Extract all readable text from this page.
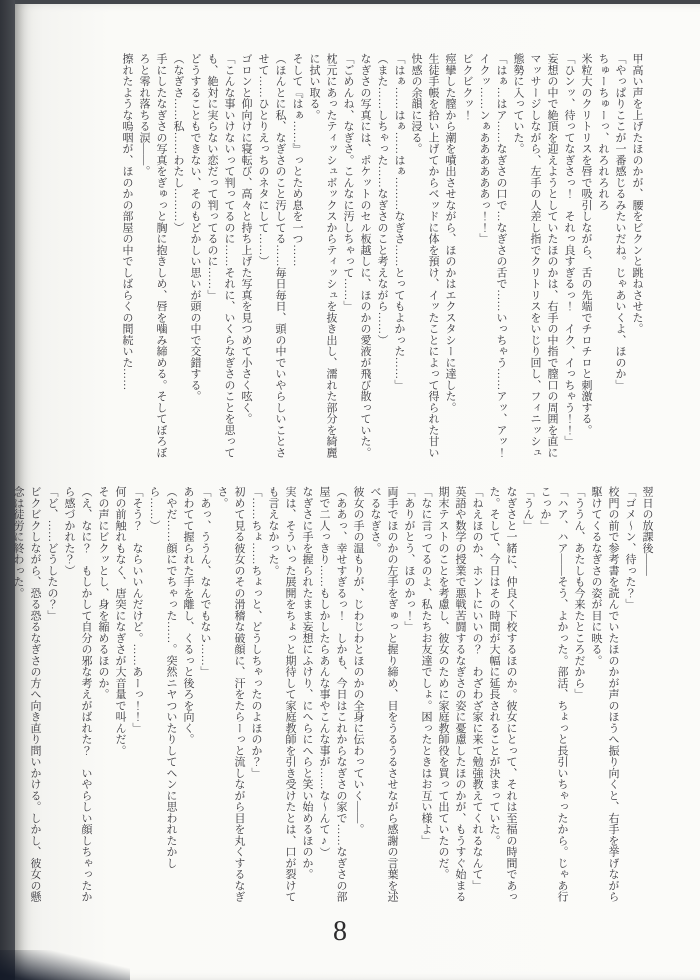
甲高い声を上げたほのかが、腰をビクンと跳ねさせた。

「やっぱりここが一番感じるみたいだね。じゃあいくよ、ほのか」

ちゅーちゅーっ、れろれろれろ

米粒大のクリトリスを唇で吸引しながら、舌の先端でチロチロと刺激する。

「ひンッ、待ってなぎさっ！　それっ良すぎるっ！　イク、イっちゃう！！」

妄想の中で絶頂を迎えようとしていたほのかは、右手の中指で膣口の周囲を直にマッサージしながら、左手の人差し指でクリトリスをいじり回し、フィニッシュ態勢に入っていた。

「はぁ…はア……なぎさの口で…なぎさの舌で……いっちゃう……アッ、アッ！　イクッ……ンぁああああああっ！！」

ビクビクッ！

痙攣した膣から潮を噴出させながら、ほのかはエクスタシーに達した。

生徒手帳を拾い上げてからベッドに体を預け、イッたことによって得られた甘い快感の余韻に浸る。

「はぁ……はぁ……はぁ………なぎさ……とってもよかった……」

（また……しちゃった……なぎさのこと考えながら……）

なぎさの写真には、ポケットのセル板越しに、ほのかの愛液が飛び散っていた。

「ごめんね、なぎさ。こんなに汚しちゃって……」

枕元にあったティッシュボックスからティッシュを抜き出し、濡れた部分を綺麗に拭い取る。

そして『はぁ……』っとため息を一つ……

（ほんとに私、なぎさのこと汚してる……毎日毎日、頭の中でいやらしいことさせて……ひとりえっちのネタにして……）

ゴロンと仰向けに寝転び、高々と持ち上げた写真を見つめて小さく呟く。

「こんな事いけないって判ってるのに……それに、いくらなぎさのことを思っても、絶対に実らない恋だって判ってるのに……」

どうすることもできない、そのもどかしい思いが頭の中で交錯する。

（なぎさ……私……わたし………）

手にしたなぎさの写真をぎゅっと胸に抱きしめ、唇を噛み締める。そしてぼろぼろと零れ落ちる涙――。

擦れたような嗚咽が、ほのかの部屋の中でしばらくの間続いた……

翌日の放課後――

「ゴメ〜ン、待った？」

校門の前で参考書を読んでいたほのかが声のほうへ振り向くと、右手を挙げながら駆けてくるなぎさの姿が目に映る。

「ううん、あたしも今来たところだから」

「ハア、ハア――そう、よかった。部活、ちょっと長引いちゃったから。じゃあ行こっか」

「うん」

なぎさと一緒に、仲良く下校するほのか。彼女にとって、それは至福の時間であった。そして、今日はその時間が大幅に延長されることが決まっていた。

「ねえほのか、ホントにいいの？　わざわざ家に来て勉強教えてくれるなんて」

英語や数学の授業で悪戦苦闘するなぎさの姿に憂慮したほのかが、もうすぐ始まる期末テストのことを考慮し、彼女のために家庭教師役を買って出ていたのだ。

「なに言ってるのよ、私たちお友達でしょ。困ったときはお互い様よ」

「ありがとう、ほのかっ！」

両手でほのかの左手をぎゅっと握り締め、目をうるうるさせながら感謝の言葉を述べるなぎさ。

彼女の手の温もりが、じわじわとほのかの全身に伝わっていく――。

（ああっ、幸せすぎるっ！　しかも、今日はこれからなぎさの家で……なぎさの部屋で二人っきり……もしかしたらあんな事やこんな事が……な〜んて♪）

なぎさに手を握られたまま妄想にふけり、にへらにへらと笑い始めるほのか。

実は、そういった展開をちょっと期待して家庭教師を引き受けたとは、口が裂けても言えなかった。

「……ちょ……ちょっと、どうしちゃったのよほのか？」

初めて見る彼女のその滑稽な破顔に、汗をたらーっと流しながら目を丸くするなぎさ。

「あっ、ううん、なんでもない……」

あわてて握られた手を離し、くるっと後ろを向く。

（やだ……顔にでちゃった……。突然ニヤついたりしてヘンに思われたかしら……）

「そう？　ならいいんだけど。……あーっ！！」

何の前触れもなく、唐突になぎさが大音量で叫んだ。

その声にビクッとし、身を縮めるほのか。

（え、なに？　もしかして自分の邪な考えがばれた？　いやらしい顔しちゃったから感づかれた？）

「ど、……どうしたの？」

ビクビクしながら、恐る恐るなぎさの方へ向き直り問いかける。しかし、彼女の懸念は徒労に終わった。

8
